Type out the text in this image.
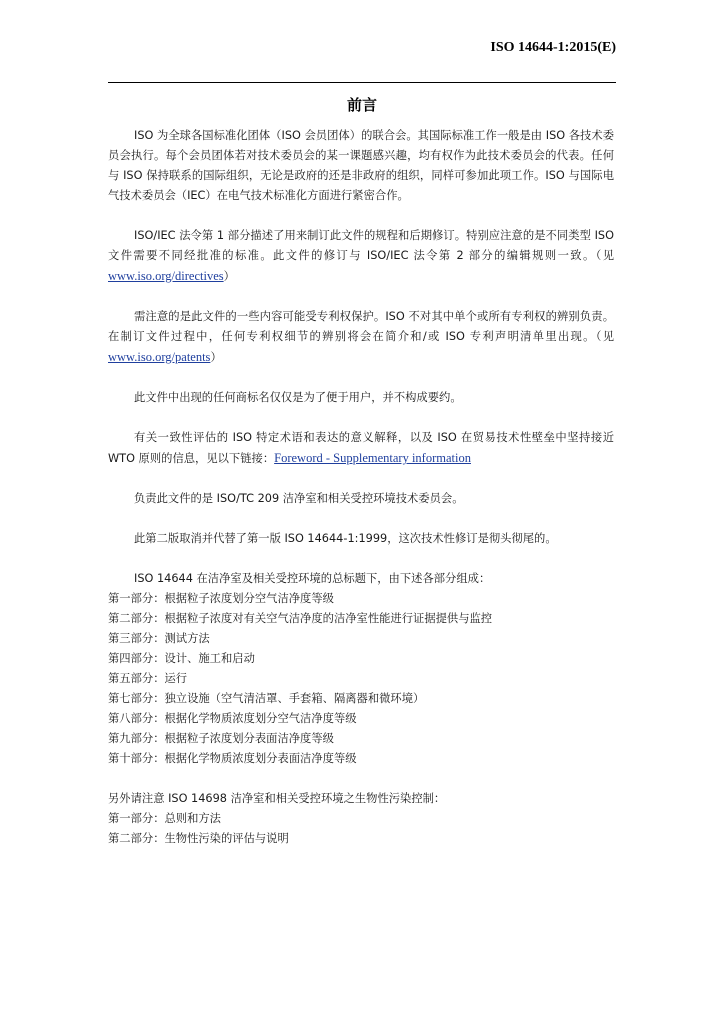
ISO 14644-1:2015(E)
前言

ISO 为全球各国标准化团体（ISO 会员团体）的联合会。其国际标准工作一般是由 ISO 各技术委员会执行。每个会员团体若对技术委员会的某一课题感兴趣，均有权作为此技术委员会的代表。任何与 ISO 保持联系的国际组织，无论是政府的还是非政府的组织，同样可参加此项工作。ISO 与国际电气技术委员会（IEC）在电气技术标准化方面进行紧密合作。

ISO/IEC 法令第 1 部分描述了用来制订此文件的规程和后期修订。特别应注意的是不同类型 ISO 文件需要不同经批准的标准。此文件的修订与 ISO/IEC 法令第 2 部分的编辑规则一致。（见 www.iso.org/directives）

需注意的是此文件的一些内容可能受专利权保护。ISO 不对其中单个或所有专利权的辨别负责。在制订文件过程中，任何专利权细节的辨别将会在简介和/或 ISO 专利声明清单里出现。（见 www.iso.org/patents）

此文件中出现的任何商标名仅仅是为了便于用户，并不构成要约。

有关一致性评估的 ISO 特定术语和表达的意义解释，以及 ISO 在贸易技术性壁垒中坚持接近 WTO 原则的信息，见以下链接：Foreword - Supplementary information

负责此文件的是 ISO/TC 209 洁净室和相关受控环境技术委员会。

此第二版取消并代替了第一版 ISO 14644-1:1999，这次技术性修订是彻头彻尾的。

ISO 14644 在洁净室及相关受控环境的总标题下，由下述各部分组成：
第一部分：根据粒子浓度划分空气洁净度等级
第二部分：根据粒子浓度对有关空气洁净度的洁净室性能进行证据提供与监控
第三部分：测试方法
第四部分：设计、施工和启动
第五部分：运行
第七部分：独立设施（空气清洁罩、手套箱、隔离器和微环境）
第八部分：根据化学物质浓度划分空气洁净度等级
第九部分：根据粒子浓度划分表面洁净度等级
第十部分：根据化学物质浓度划分表面洁净度等级
另外请注意 ISO 14698 洁净室和相关受控环境之生物性污染控制：
第一部分：总则和方法
第二部分：生物性污染的评估与说明
